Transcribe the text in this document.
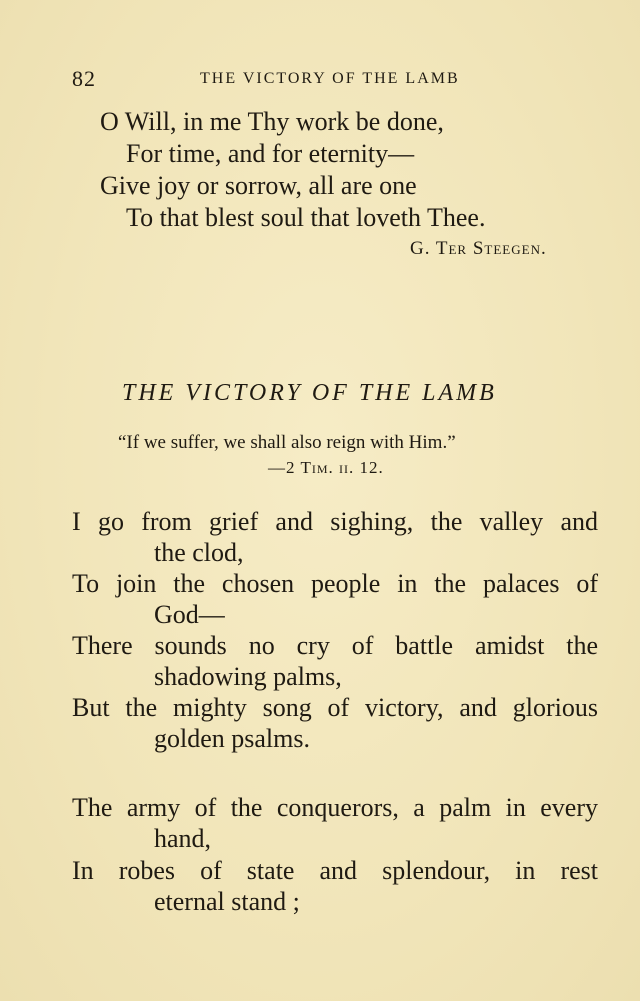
82	THE VICTORY OF THE LAMB
O Will, in me Thy work be done,
For time, and for eternity—
Give joy or sorrow, all are one
To that blest soul that loveth Thee.
G. Ter Steegen.
THE VICTORY OF THE LAMB
“If we suffer, we shall also reign with Him.”
—2 Tim. ii. 12.
I go from grief and sighing, the valley and
the clod,
To join the chosen people in the palaces of
God—
There sounds no cry of battle amidst the
shadowing palms,
But the mighty song of victory, and glorious
golden psalms.
The army of the conquerors, a palm in every
hand,
In robes of state and splendour, in rest
eternal stand ;
